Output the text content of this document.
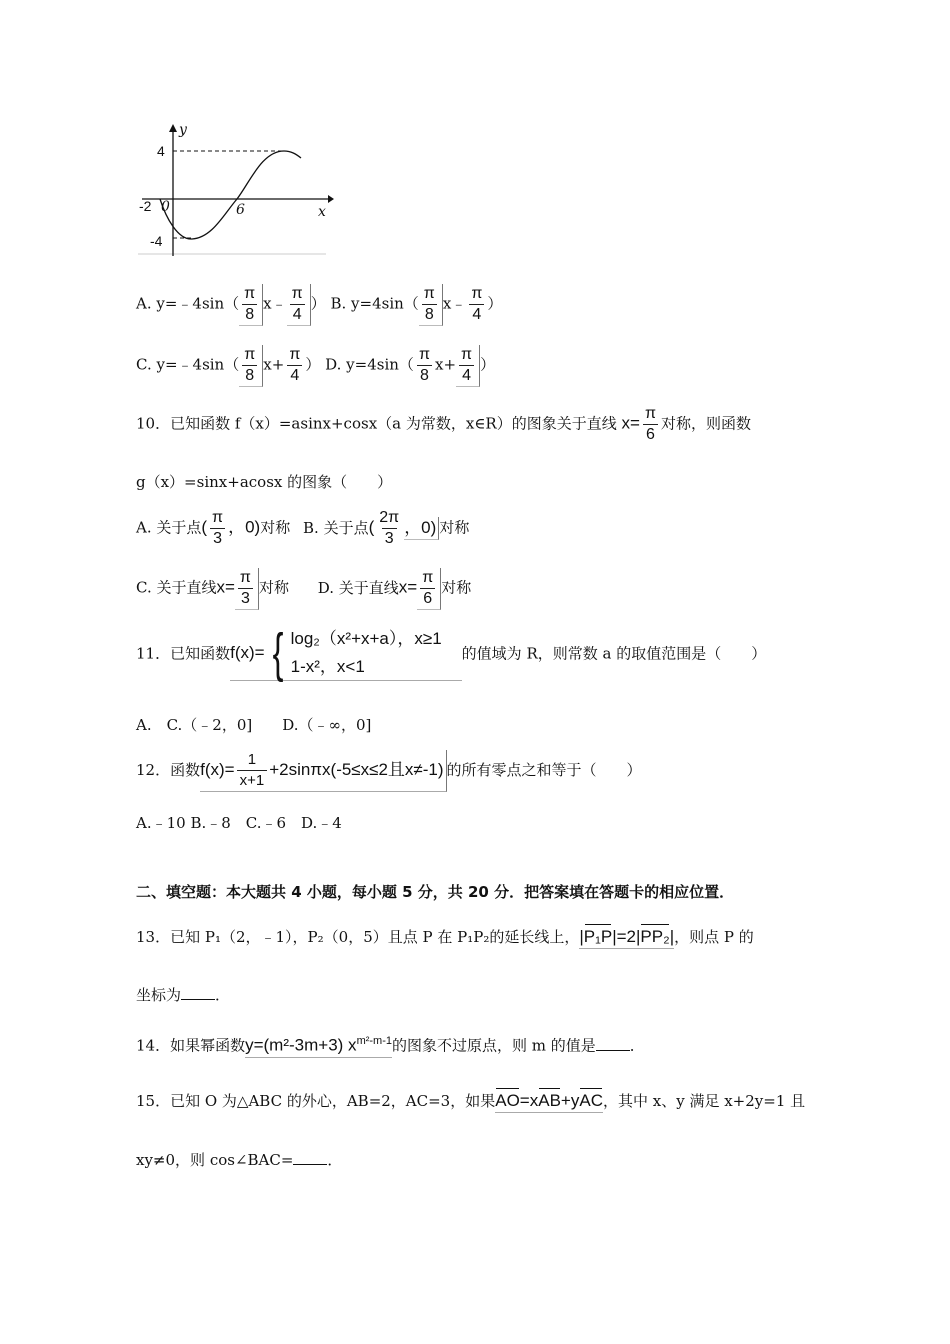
y
x
4
-4
-2 0	6
A. y=﹣4sin（ $\frac{\pi}{8}$ x﹣ $\frac{\pi}{4}$ ） B. $y=4\sin( \frac{\pi}{8}$ x﹣ $\frac{\pi}{4}$ ）
C. y=﹣4sin（ $\frac{\pi}{8} x+ \frac{\pi}{4}$ ） D. $y=4\sin( \frac{\pi}{8} x+ \frac{\pi}{4}$ ）
10．已知函数 f（x）=asinx+cosx（a 为常数，x∈R）的图象关于直线 $x= \frac{\pi}{6}$ 对称，则函数
g（x）=sinx+acosx 的图象（　　）
A. 关于点( $\frac{\pi}{3}$ ，0)对称 B. 关于点( $\frac{2\pi}{3}$ ，0) 对称
C. 关于直线$x= \frac{\pi}{3}$ 对称 D. 关于直线$x= \frac{\pi}{6}$ 对称
11．已知函数 f(x)= { log₂（x²+x+a），x≥1
1-x²，x<1
的值域为 R，则常数 a 的取值范围是（　　）
A.　C.（﹣2，0]　　D.（﹣∞，0]
12．函数$f(x)= \frac{1}{x+1} +2\sin\pi x(-5\le x\le 2$且x≠-1) 的所有零点之和等于（　　）
A.﹣10 B.﹣8　C.﹣6　D.﹣4
二、填空题：本大题共 4 小题，每小题 5 分，共 20 分．把答案填在答题卡的相应位置．
13．已知 P₁（2，﹣1），P₂（0，5）且点 P 在 P₁P₂的延长线上，|P₁P|=2|PP₂|，则点 P 的
坐标为 ．
14．如果幂函数y=(m²-3m+3) $x^{m^2-m-1}$的图象不过原点，则 m 的值是 ．
15．已知 O 为△ABC 的外心，AB=2，AC=3，如果AO=xAB+yAC，其中 x、y 满足 x+2y=1 且
xy≠0，则 cos∠BAC= ．
